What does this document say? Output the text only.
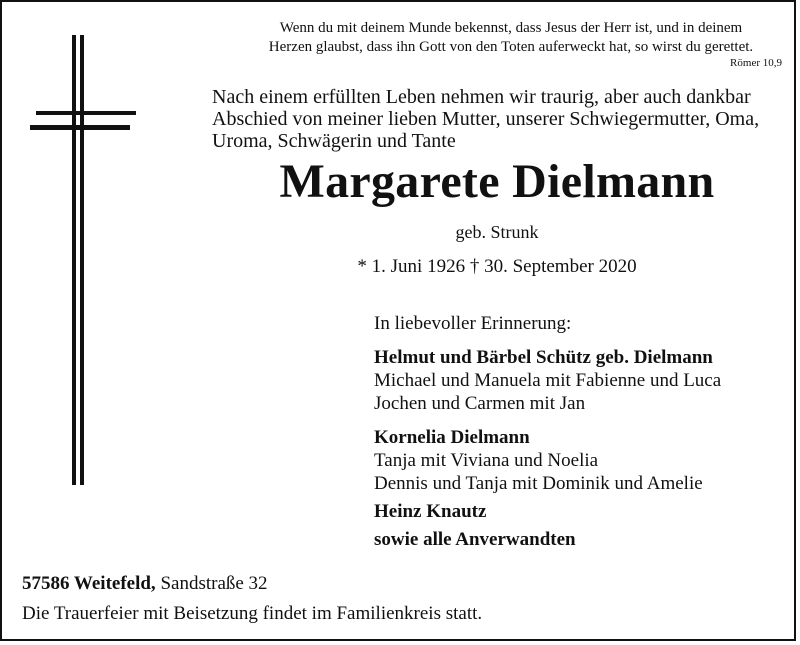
Wenn du mit deinem Munde bekennst, dass Jesus der Herr ist, und in deinem
Herzen glaubst, dass ihn Gott von den Toten auferweckt hat, so wirst du gerettet.
Römer 10,9
Nach einem erfüllten Leben nehmen wir traurig, aber auch dankbar
Abschied von meiner lieben Mutter, unserer Schwiegermutter, Oma,
Uroma, Schwägerin und Tante
Margarete Dielmann
geb. Strunk
* 1. Juni 1926 † 30. September 2020
In liebevoller Erinnerung:
Helmut und Bärbel Schütz geb. Dielmann
Michael und Manuela mit Fabienne und Luca
Jochen und Carmen mit Jan
Kornelia Dielmann
Tanja mit Viviana und Noelia
Dennis und Tanja mit Dominik und Amelie
Heinz Knautz
sowie alle Anverwandten
57586 Weitefeld, Sandstraße 32
Die Trauerfeier mit Beisetzung findet im Familienkreis statt.
